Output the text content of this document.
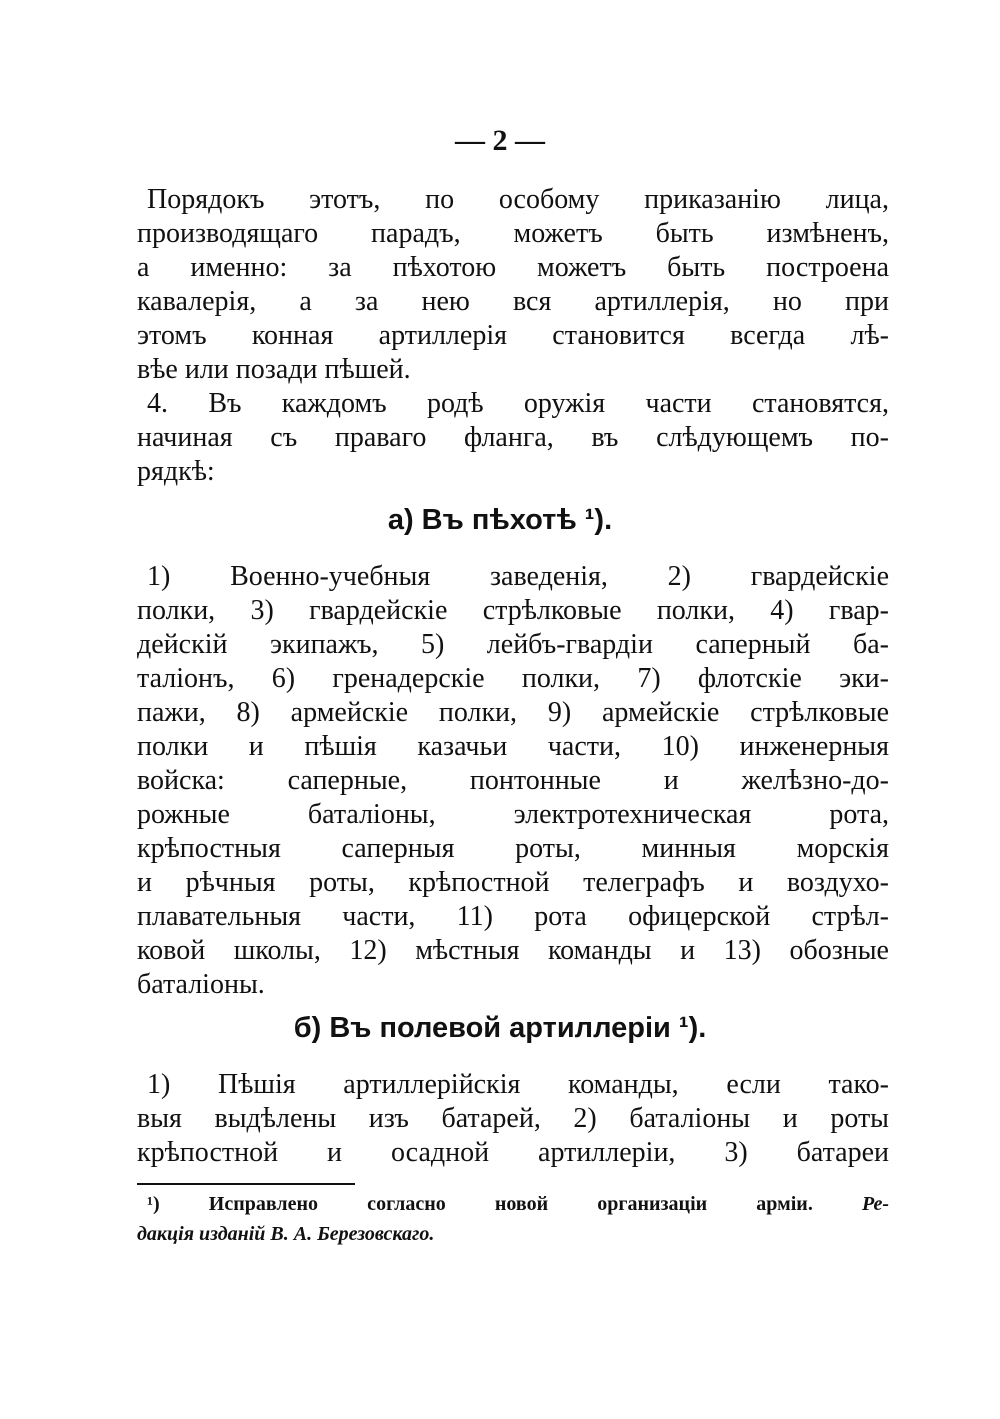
— 2 —
Порядокъ этотъ, по особому приказанію лица,
производящаго парадъ, можетъ быть измѣненъ,
а именно: за пѣхотою можетъ быть построена
кавалерія, а за нею вся артиллерія, но при
этомъ конная артиллерія становится всегда лѣ-
вѣе или позади пѣшей.
4. Въ каждомъ родѣ оружія части становятся,
начиная съ праваго фланга, въ слѣдующемъ по-
рядкѣ:
а) Въ пѣхотѣ ¹).
1) Военно-учебныя заведенія, 2) гвардейскіе
полки, 3) гвардейскіе стрѣлковые полки, 4) гвар-
дейскій экипажъ, 5) лейбъ-гвардіи саперный ба-
таліонъ, 6) гренадерскіе полки, 7) флотскіе эки-
пажи, 8) армейскіе полки, 9) армейскіе стрѣлковые
полки и пѣшія казачьи части, 10) инженерныя
войска: саперные, понтонные и желѣзно-до-
рожные баталіоны, электротехническая рота,
крѣпостныя саперныя роты, минныя морскія
и рѣчныя роты, крѣпостной телеграфъ и воздухо-
плавательныя части, 11) рота офицерской стрѣл-
ковой школы, 12) мѣстныя команды и 13) обозные
баталіоны.
б) Въ полевой артиллеріи ¹).
1) Пѣшія артиллерійскія команды, если тако-
выя выдѣлены изъ батарей, 2) баталіоны и роты
крѣпостной и осадной артиллеріи, 3) батареи
¹) Исправлено согласно новой организаціи арміи. Ре-
дакція изданій В. А. Березовскаго.
